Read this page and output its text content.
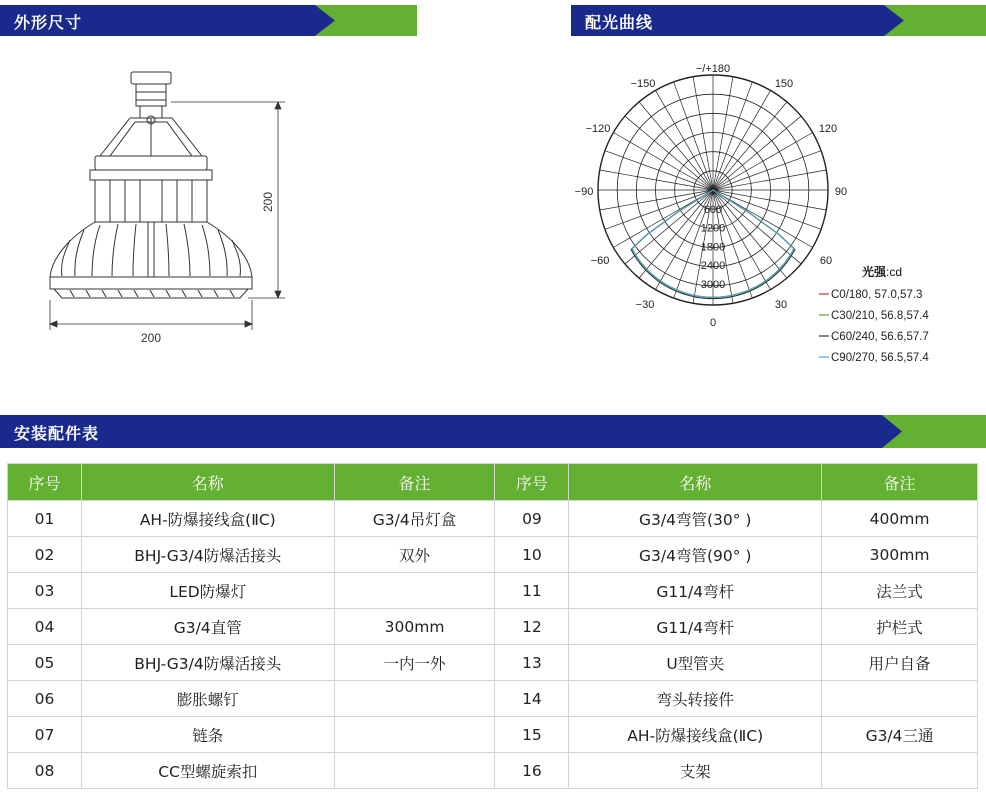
外形尺寸	配光曲线
200
200
−/+180
−150	150
−120	120
−90	90
−60	60
−30	30
0
0
600
1200
1800
2400
3000
光强:cd
C0/180, 57.0,57.3
C30/210, 56.8,57.4
C60/240, 56.6,57.7
C90/270, 56.5,57.4
安装配件表
序号	名称	备注	序号	名称	备注
01	AH-防爆接线盒(ⅡC)	G3/4吊灯盒	09	G3/4弯管(30° )	400mm
02	BHJ-G3/4防爆活接头	双外	10	G3/4弯管(90° )	300mm
03	LED防爆灯		11	G11/4弯杆	法兰式
04	G3/4直管	300mm	12	G11/4弯杆	护栏式
05	BHJ-G3/4防爆活接头	一内一外	13	U型管夹	用户自备
06	膨胀螺钉		14	弯头转接件	
07	链条		15	AH-防爆接线盒(ⅡC)	G3/4三通
08	CC型螺旋索扣		16	支架	
